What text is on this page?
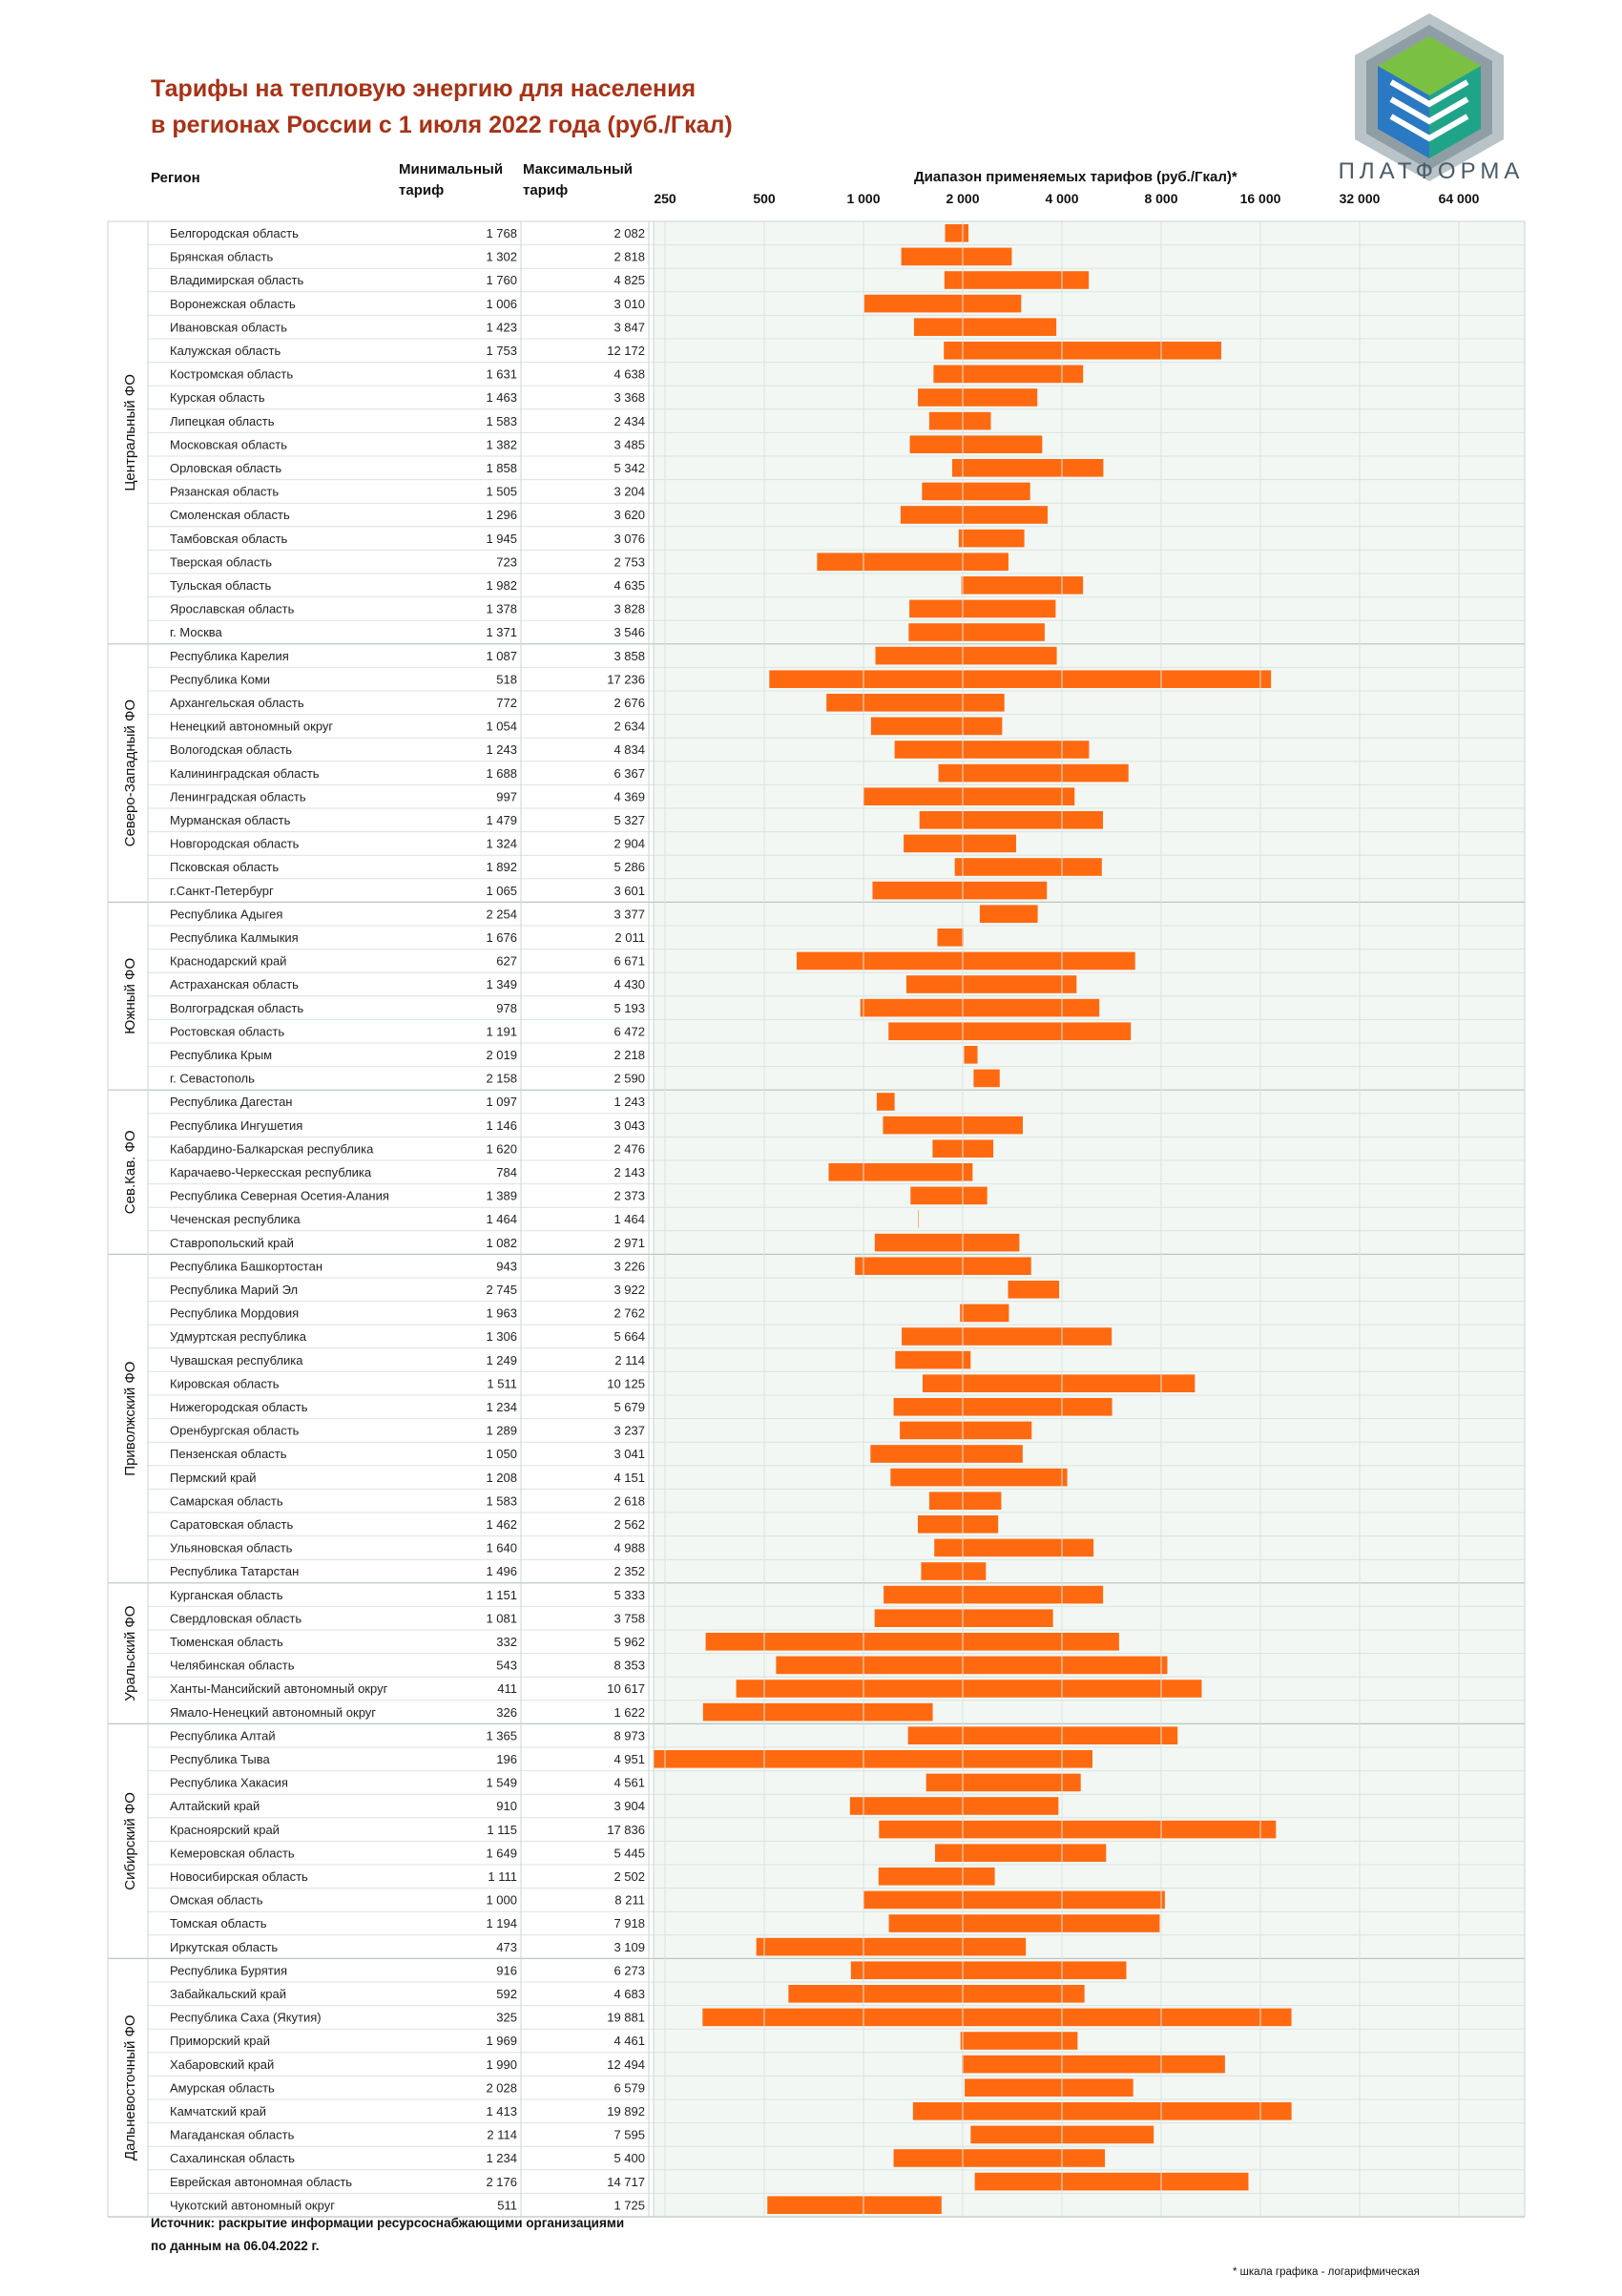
Тарифы на тепловую энергию для населения
в регионах России с 1 июля 2022 года (руб./Гкал)
ПЛАТФОРМА
Регион
Минимальный тариф
Максимальный тариф
Диапазон применяемых тарифов (руб./Гкал)*
250	500	1 000	2 000	4 000	8 000	16 000	32 000	64 000
Белгородская область	1 768	2 082
Брянская область	1 302	2 818
Владимирская область	1 760	4 825
Воронежская область	1 006	3 010
Ивановская область	1 423	3 847
Калужская область	1 753	12 172
Костромская область	1 631	4 638
Курская область	1 463	3 368
Липецкая область	1 583	2 434
Московская область	1 382	3 485
Орловская область	1 858	5 342
Рязанская область	1 505	3 204
Смоленская область	1 296	3 620
Тамбовская область	1 945	3 076
Тверская область	723	2 753
Тульская область	1 982	4 635
Ярославская область	1 378	3 828
г. Москва	1 371	3 546
Центральный ФО
Республика Карелия	1 087	3 858
Республика Коми	518	17 236
Архангельская область	772	2 676
Ненецкий автономный округ	1 054	2 634
Вологодская область	1 243	4 834
Калининградская область	1 688	6 367
Ленинградская область	997	4 369
Мурманская область	1 479	5 327
Новгородская область	1 324	2 904
Псковская область	1 892	5 286
г.Санкт-Петербург	1 065	3 601
Северо-Западный ФО
Республика Адыгея	2 254	3 377
Республика Калмыкия	1 676	2 011
Краснодарский край	627	6 671
Астраханская область	1 349	4 430
Волгоградская область	978	5 193
Ростовская область	1 191	6 472
Республика Крым	2 019	2 218
г. Севастополь	2 158	2 590
Южный ФО
Республика Дагестан	1 097	1 243
Республика Ингушетия	1 146	3 043
Кабардино-Балкарская республика	1 620	2 476
Карачаево-Черкесская республика	784	2 143
Республика Северная Осетия-Алания	1 389	2 373
Чеченская республика	1 464	1 464
Ставропольский край	1 082	2 971
Сев.Кав. ФО
Республика Башкортостан	943	3 226
Республика Марий Эл	2 745	3 922
Республика Мордовия	1 963	2 762
Удмуртская республика	1 306	5 664
Чувашская республика	1 249	2 114
Кировская область	1 511	10 125
Нижегородская область	1 234	5 679
Оренбургская область	1 289	3 237
Пензенская область	1 050	3 041
Пермский край	1 208	4 151
Самарская область	1 583	2 618
Саратовская область	1 462	2 562
Ульяновская область	1 640	4 988
Республика Татарстан	1 496	2 352
Приволжский ФО
Курганская область	1 151	5 333
Свердловская область	1 081	3 758
Тюменская область	332	5 962
Челябинская область	543	8 353
Ханты-Мансийский автономный округ	411	10 617
Ямало-Ненецкий автономный округ	326	1 622
Уральский ФО
Республика Алтай	1 365	8 973
Республика Тыва	196	4 951
Республика Хакасия	1 549	4 561
Алтайский край	910	3 904
Красноярский край	1 115	17 836
Кемеровская область	1 649	5 445
Новосибирская область	1 111	2 502
Омская область	1 000	8 211
Томская область	1 194	7 918
Иркутская область	473	3 109
Сибирский ФО
Республика Бурятия	916	6 273
Забайкальский край	592	4 683
Республика Саха (Якутия)	325	19 881
Приморский край	1 969	4 461
Хабаровский край	1 990	12 494
Амурская область	2 028	6 579
Камчатский край	1 413	19 892
Магаданская область	2 114	7 595
Сахалинская область	1 234	5 400
Еврейская автономная область	2 176	14 717
Чукотский автономный округ	511	1 725
Дальневосточный ФО
Источник: раскрытие информации ресурсоснабжающими организациями
по данным на 06.04.2022 г.
* шкала графика - логарифмическая
